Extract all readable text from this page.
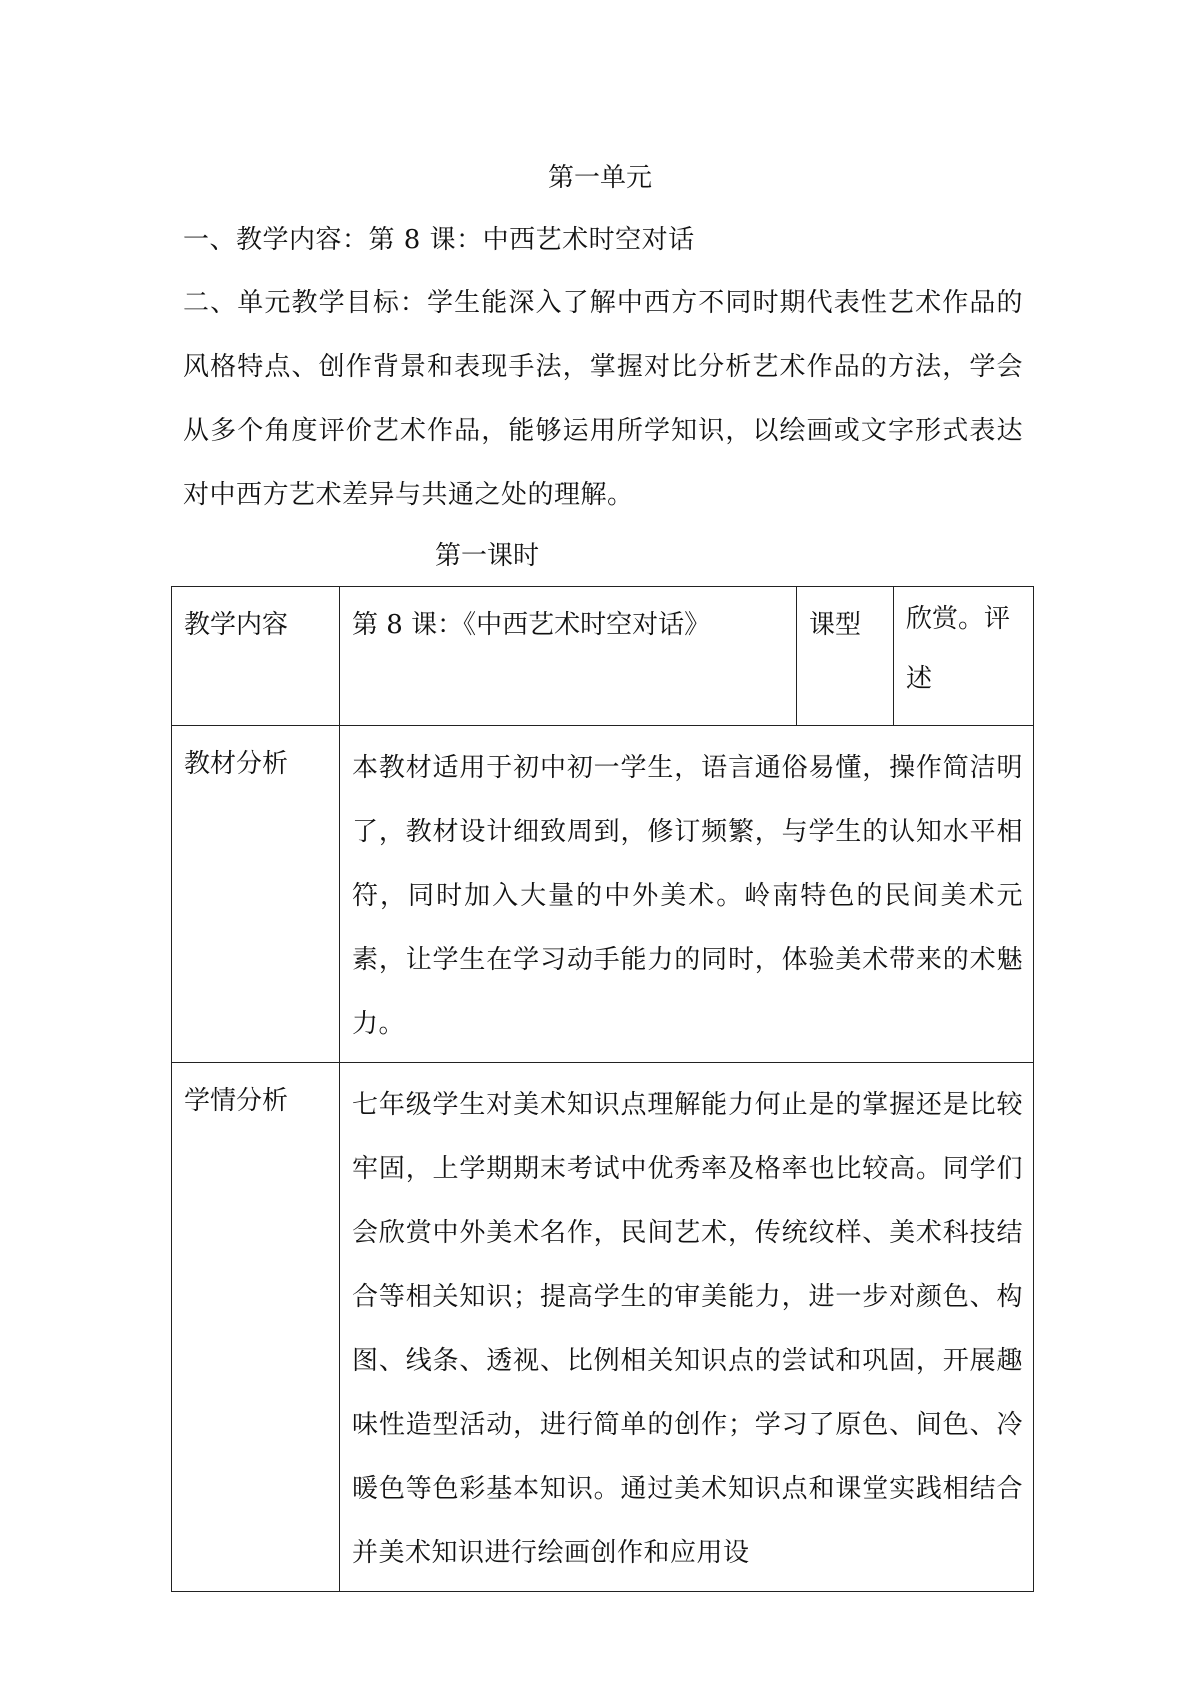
第一单元
一、教学内容：第 8 课：中西艺术时空对话
二、单元教学目标：学生能深入了解中西方不同时期代表性艺术作品的风格特点、创作背景和表现手法，掌握对比分析艺术作品的方法，学会从多个角度评价艺术作品，能够运用所学知识，以绘画或文字形式表达对中西方艺术差异与共通之处的理解。
第一课时
教学内容	第 8 课：《中西艺术时空对话》	课型	欣赏。评述
教材分析	本教材适用于初中初一学生，语言通俗易懂，操作简洁明了，教材设计细致周到，修订频繁，与学生的认知水平相符，同时加入大量的中外美术。岭南特色的民间美术元素，让学生在学习动手能力的同时，体验美术带来的术魅力。		
学情分析	七年级学生对美术知识点理解能力何止是的掌握还是比较牢固，上学期期末考试中优秀率及格率也比较高。同学们会欣赏中外美术名作，民间艺术，传统纹样、美术科技结合等相关知识；提高学生的审美能力，进一步对颜色、构图、线条、透视、比例相关知识点的尝试和巩固，开展趣味性造型活动，进行简单的创作；学习了原色、间色、冷暖色等色彩基本知识。通过美术知识点和课堂实践相结合并美术知识进行绘画创作和应用设		
